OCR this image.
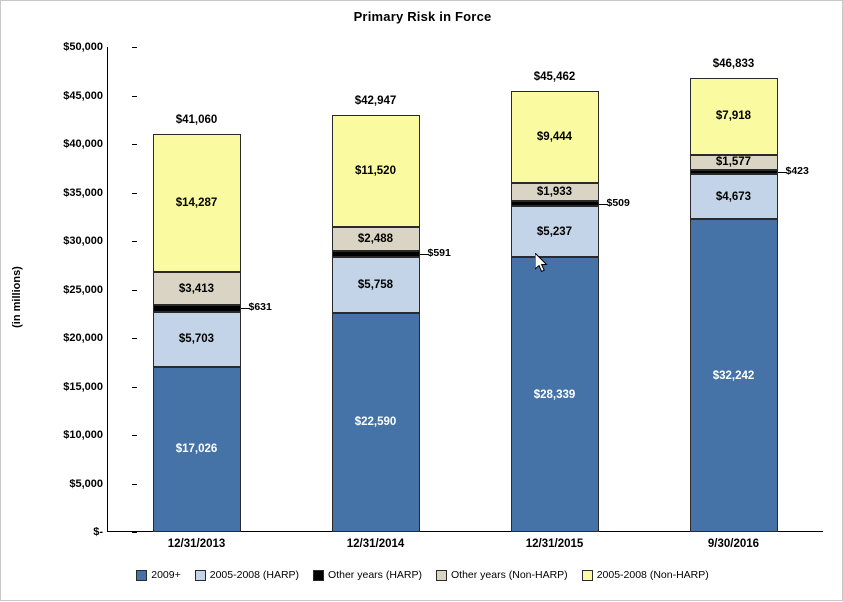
Primary Risk in Force
(in millions)
$-
$5,000
$10,000
$15,000
$20,000
$25,000
$30,000
$35,000
$40,000
$45,000
$50,000
$17,026
$5,703
$631
$3,413
$14,287
$41,060
$22,590
$5,758
$591
$2,488
$11,520
$42,947
$28,339
$5,237
$509
$1,933
$9,444
$45,462
$32,242
$4,673
$423
$1,577
$7,918
$46,833
12/31/2013	12/31/2014	12/31/2015	9/30/2016
2009+	2005-2008 (HARP)	Other years (HARP)	Other years (Non-HARP)	2005-2008 (Non-HARP)
